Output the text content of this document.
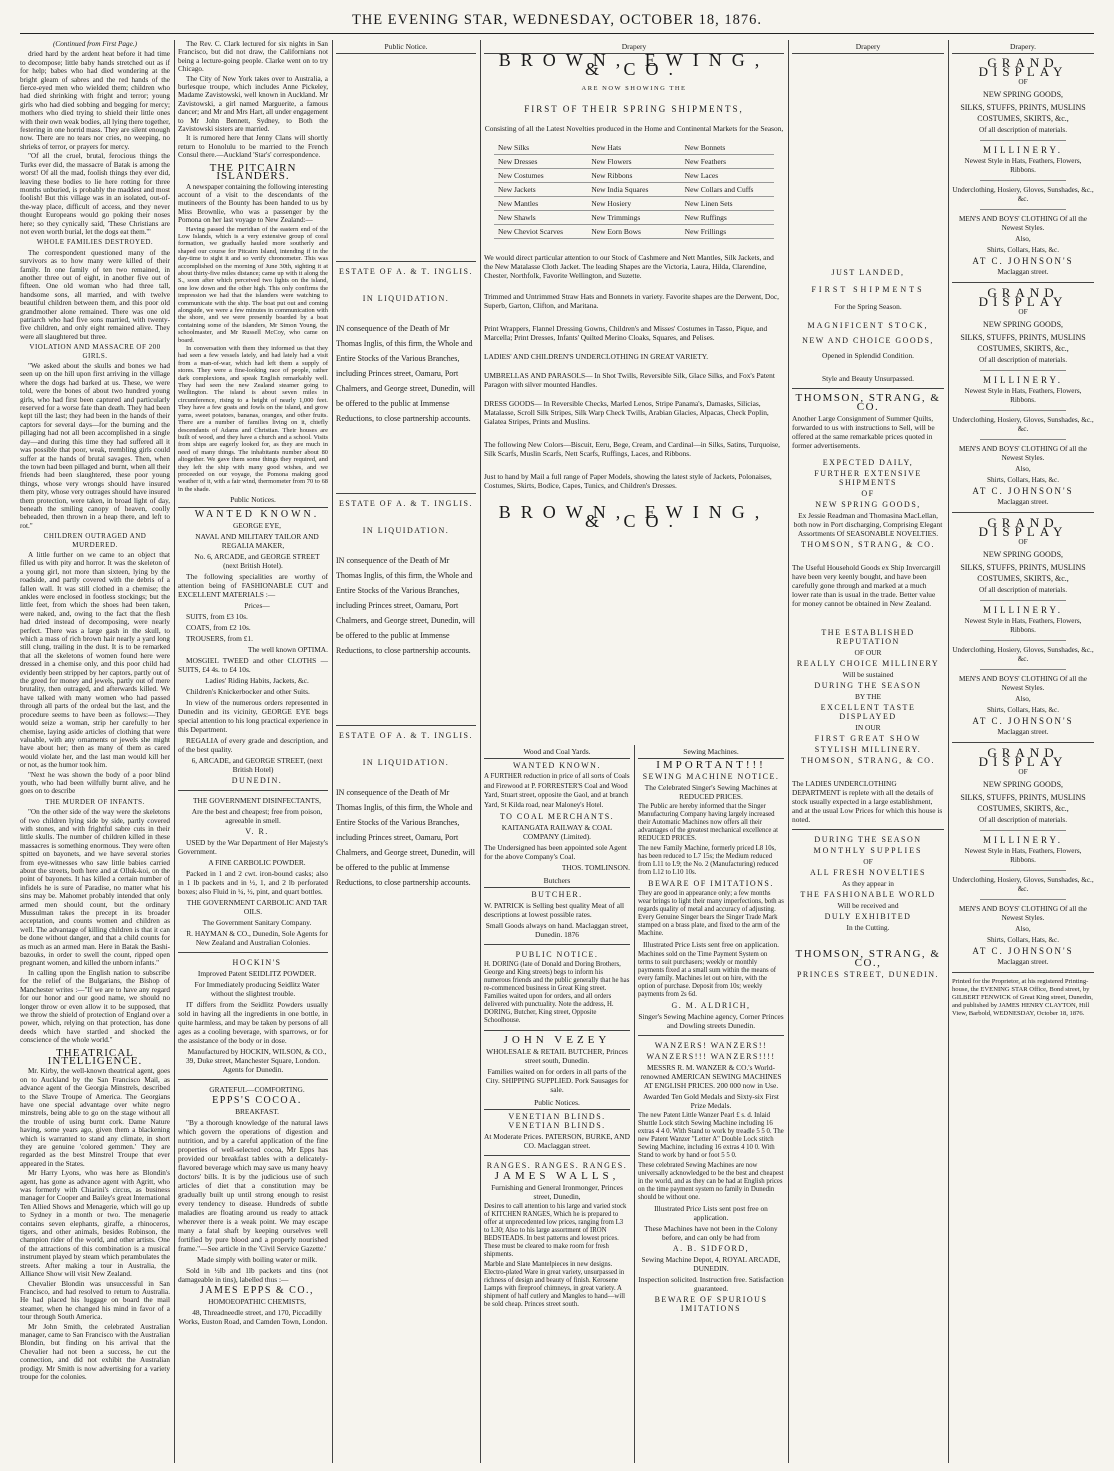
THE EVENING STAR, WEDNESDAY, OCTOBER 18, 1876.

(Continued from First Page.)

dried hard by the ardent heat before it had time to decompose; little baby hands stretched out as if for help; babes who had died wondering at the bright gleam of sabres and the red hands of the fierce-eyed men who wielded them; children who had died shrinking with fright and terror; young girls who had died sobbing and begging for mercy; mothers who died trying to shield their little ones with their own weak bodies, all lying there together, festering in one horrid mass. They are silent enough now. There are no tears nor cries, no weeping, no shrieks of terror, or prayers for mercy.

"Of all the cruel, brutal, ferocious things the Turks ever did, the massacre of Batak is among the worst! Of all the mad, foolish things they ever did, leaving these bodies to lie here rotting for three months unburied, is probably the maddest and most foolish! But this village was in an isolated, out-of-the-way place, difficult of access, and they never thought Europeans would go poking their noses here; so they cynically said, 'These Christians are not even worth burial, let the dogs eat them.'"

WHOLE FAMILIES DESTROYED.

The correspondent questioned many of the survivors as to how many were killed of their family. In one family of ten two remained, in another three out of eight, in another five out of fifteen. One old woman who had three tall, handsome sons, all married, and with twelve beautiful children between them, and this poor old grandmother alone remained. There was one old patriarch who had five sons married, with twenty-five children, and only eight remained alive. They were all slaughtered but three.

VIOLATION AND MASSACRE OF 200 GIRLS.

"We asked about the skulls and bones we had seen up on the hill upon first arriving in the village where the dogs had barked at us. These, we were told, were the bones of about two hundred young girls, who had first been captured and particularly reserved for a worse fate than death. They had been kept till the last; they had been in the hands of their captors for several days—for the burning and the pillaging had not all been accomplished in a single day—and during this time they had suffered all it was possible that poor, weak, trembling girls could suffer at the hands of brutal savages. Then, when the town had been pillaged and burnt, when all their friends had been slaughtered, these poor young things, whose very wrongs should have insured them pity, whose very outrages should have insured them protection, were taken, in broad light of day, beneath the smiling canopy of heaven, coolly beheaded, then thrown in a heap there, and left to rot."

CHILDREN OUTRAGED AND MURDERED.

A little further on we came to an object that filled us with pity and horror. It was the skeleton of a young girl, not more than sixteen, lying by the roadside, and partly covered with the debris of a fallen wall. It was still clothed in a chemise; the ankles were enclosed in footless stockings; but the little feet, from which the shoes had been taken, were naked, and, owing to the fact that the flesh had dried instead of decomposing, were nearly perfect. There was a large gash in the skull, to which a mass of rich brown hair nearly a yard long still clung, trailing in the dust. It is to be remarked that all the skeletons of women found here were dressed in a chemise only, and this poor child had evidently been stripped by her captors, partly out of the greed for money and jewels, partly out of mere brutality, then outraged, and afterwards killed. We have talked with many women who had passed through all parts of the ordeal but the last, and the procedure seems to have been as follows:—They would seize a woman, strip her carefully to her chemise, laying aside articles of clothing that were valuable, with any ornaments or jewels she might have about her; then as many of them as cared would violate her, and the last man would kill her or not, as the humor took him.

"Next he was shown the body of a poor blind youth, who had been wilfully burnt alive, and he goes on to describe

THE MURDER OF INFANTS.

"On the other side of the way were the skeletons of two children lying side by side, partly covered with stones, and with frightful sabre cuts in their little skulls. The number of children killed in these massacres is something enormous. They were often spitted on bayonets, and we have several stories from eye-witnesses who saw little babies carried about the streets, both here and at Olluk-koi, on the point of bayonets. It has killed a certain number of infidels he is sure of Paradise, no matter what his sins may be. Mahomet probably intended that only armed men should count, but the ordinary Mussulman takes the precept in its broader acceptation, and counts women and children as well. The advantage of killing children is that it can be done without danger, and that a child counts for as much as an armed man. Here in Batak the Bashi-bazouks, in order to swell the count, ripped open pregnant women, and killed the unborn infants."

In calling upon the English nation to subscribe for the relief of the Bulgarians, the Bishop of Manchester writes :—"If we are to have any regard for our honor and our good name, we should no longer throw or even allow it to be supposed, that we throw the shield of protection of England over a power, which, relying on that protection, has done deeds which have startled and shocked the conscience of the whole world."

THEATRICAL INTELLIGENCE.

Mr. Kirby, the well-known theatrical agent, goes on to Auckland by the San Francisco Mail, as advance agent of the Georgia Minstrels, described to the Slave Troupe of America. The Georgians have one special advantage over white negro minstrels, being able to go on the stage without all the trouble of using burnt cork. Dame Nature having, some years ago, given them a blackening which is warranted to stand any climate, in short they are genuine 'colored gemmen.' They are regarded as the best Minstrel Troupe that ever appeared in the States.

Mr Harry Lyons, who was here as Blondin's agent, has gone as advance agent with Agritt, who was formerly with Chiarini's circus, as business manager for Cooper and Bailey's great International Ten Allied Shows and Menagerie, which will go up to Sydney in a month or two. The menagerie contains seven elephants, giraffe, a rhinoceros, tigers, and other animals, besides Robinson, the champion rider of the world, and other artists. One of the attractions of this combination is a musical instrument played by steam which perambulates the streets. After making a tour in Australia, the Alliance Show will visit New Zealand.

Chevalier Blondin was unsuccessful in San Francisco, and had resolved to return to Australia. He had placed his luggage on board the mail steamer, when he changed his mind in favor of a tour through South America.

Mr John Smith, the celebrated Australian manager, came to San Francisco with the Australian Blondin, but finding on his arrival that the Chevalier had not been a success, he cut the connection, and did not exhibit the Australian prodigy. Mr Smith is now advertising for a variety troupe for the colonies.

The Rev. C. Clark lectured for six nights in San Francisco, but did not draw, the Californians not being a lecture-going people. Clarke went on to try Chicago.

The City of New York takes over to Australia, a burlesque troupe, which includes Anne Pickeley, Madame Zavistowski, well known in Auckland. Mr Zavistowski, a girl named Marguerite, a famous dancer; and Mr and Mrs Hart, all under engagement to Mr John Bennett, Sydney, to Both the Zavistowski sisters are married.

It is rumored here that Jenny Clans will shortly return to Honolulu to be married to the French Consul there.—Auckland 'Star's' correspondence.

THE PITCAIRN ISLANDERS.

A newspaper containing the following interesting account of a visit to the descendants of the mutineers of the Bounty has been handed to us by Miss Brownlie, who was a passenger by the Pomona on her last voyage to New Zealand:—

Having passed the meridian of the eastern end of the Low Islands, which is a very extensive group of coral formation, we gradually hauled more southerly and shaped our course for Pitcairn Island, intending if in the day-time to sight it and so verify chronometer. This was accomplished on the morning of June 30th, sighting it at about thirty-five miles distance; came up with it along the S., soon after which perceived two lights on the island, one low down and the other high. This only confirms the impression we had that the islanders were watching to communicate with the ship. The boat put out and coming alongside, we were a few minutes in communication with the shore, and we were presently boarded by a boat containing some of the islanders, Mr Simon Young, the schoolmaster, and Mr Russell McCoy, who came on board.

In conversation with them they informed us that they had seen a few vessels lately, and had lately had a visit from a man-of-war, which had left them a supply of stores. They were a fine-looking race of people, rather dark complexions, and speak English remarkably well. They had seen the new Zealand steamer going to Wellington. The island is about seven miles in circumference, rising to a height of nearly 1,000 feet. They have a few goats and fowls on the island, and grow yams, sweet potatoes, bananas, oranges, and other fruits. There are a number of families living on it, chiefly descendants of Adams and Christian. Their houses are built of wood, and they have a church and a school. Visits from ships are eagerly looked for, as they are much in need of many things. The inhabitants number about 80 altogether. We gave them some things they required, and they left the ship with many good wishes, and we proceeded on our voyage, the Pomona making good weather of it, with a fair wind, thermometer from 70 to 68 in the shade.

Public Notices.

WANTED KNOWN.

GEORGE EYE,

NAVAL AND MILITARY TAILOR AND REGALIA MAKER,

No. 6, ARCADE, and GEORGE STREET (next British Hotel).

The following specialities are worthy of attention being of FASHIONABLE CUT and EXCELLENT MATERIALS :—

Prices—

SUITS, from £3 10s.

COATS, from £2 10s.

TROUSERS, from £1.

The well known OPTIMA.

MOSGIEL TWEED and other CLOTHS —SUITS, £4 4s. to £4 10s.

Ladies' Riding Habits, Jackets, &c.

Children's Knickerbocker and other Suits.

In view of the numerous orders represented in Dunedin and its vicinity, GEORGE EYE begs special attention to his long practical experience in this Department.

REGALIA of every grade and description, and of the best quality.

6, ARCADE, and GEORGE STREET, (next British Hotel)

DUNEDIN.

THE GOVERNMENT DISINFECTANTS,

Are the best and cheapest; free from poison, agreeable in smell.

V. R.

USED by the War Department of Her Majesty's Government.

A FINE CARBOLIC POWDER.

Packed in 1 and 2 cwt. iron-bound casks; also in 1 lb packets and in ½, 1, and 2 lb perforated boxes; also Fluid in ¼, ½, pint, and quart bottles.

THE GOVERNMENT CARBOLIC AND TAR OILS.

The Government Sanitary Company.

R. HAYMAN & CO., Dunedin, Sole Agents for New Zealand and Australian Colonies.

HOCKIN'S

Improved Patent SEIDLITZ POWDER.

For Immediately producing Seidlitz Water without the slightest trouble.

IT differs from the Seidlitz Powders usually sold in having all the ingredients in one bottle, in quite harmless, and may be taken by persons of all ages as a cooling beverage, with sparrows, or for the assistance of the body or in dose.

Manufactured by HOCKIN, WILSON, & CO., 39, Duke street, Manchester Square, London. Agents for Dunedin.

GRATEFUL—COMFORTING.

EPPS'S COCOA.

BREAKFAST.

"By a thorough knowledge of the natural laws which govern the operations of digestion and nutrition, and by a careful application of the fine properties of well-selected cocoa, Mr Epps has provided our breakfast tables with a delicately-flavored beverage which may save us many heavy doctors' bills. It is by the judicious use of such articles of diet that a constitution may be gradually built up until strong enough to resist every tendency to disease. Hundreds of subtle maladies are floating around us ready to attack wherever there is a weak point. We may escape many a fatal shaft by keeping ourselves well fortified by pure blood and a properly nourished frame."—See article in the 'Civil Service Gazette.'

Made simply with boiling water or milk.

Sold in ½lb and 1lb packets and tins (not damageable in tins), labelled thus :—

JAMES EPPS & CO.,

HOMOEOPATHIC CHEMISTS,

48, Threadneedle street, and 170, Piccadilly Works, Euston Road, and Camden Town, London.

Public Notice.

ESTATE OF A. & T. INGLIS.

IN LIQUIDATION.

IN consequence of the Death of Mr Thomas Inglis, of this firm, the Whole and Entire Stocks of the Various Branches, including Princes street, Oamaru, Port Chalmers, and George street, Dunedin, will be offered to the public at Immense Reductions, to close partnership accounts.

ESTATE OF A. & T. INGLIS.

IN LIQUIDATION.

IN consequence of the Death of Mr Thomas Inglis, of this firm, the Whole and Entire Stocks of the Various Branches, including Princes street, Oamaru, Port Chalmers, and George street, Dunedin, will be offered to the public at Immense Reductions, to close partnership accounts.

ESTATE OF A. & T. INGLIS.

IN LIQUIDATION.

IN consequence of the Death of Mr Thomas Inglis, of this firm, the Whole and Entire Stocks of the Various Branches, including Princes street, Oamaru, Port Chalmers, and George street, Dunedin, will be offered to the public at Immense Reductions, to close partnership accounts.

Drapery

BROWN, EWING, & CO.

ARE NOW SHOWING THE

FIRST OF THEIR SPRING SHIPMENTS,

Consisting of all the Latest Novelties produced in the Home and Continental Markets for the Season,

New Silks	New Hats	New Bonnets
New Dresses	New Flowers	New Feathers
New Costumes	New Ribbons	New Laces
New Jackets	New India Squares	New Collars and Cuffs
New Mantles	New Hosiery	New Linen Sets
New Shawls	New Trimmings	New Ruffings
New Cheviot Scarves	New Eorn Bows	New Frillings

We would direct particular attention to our Stock of Cashmere and Nett Mantles, Silk Jackets, and the New Matalasse Cloth Jacket. The leading Shapes are the Victoria, Laura, Hilda, Clarendine, Chester, Northfolk, Favorite Wellington, and Suzette.

Trimmed and Untrimmed Straw Hats and Bonnets in variety. Favorite shapes are the Derwent, Doc, Superb, Garton, Clifton, and Maritana.

Print Wrappers, Flannel Dressing Gowns, Children's and Misses' Costumes in Tasso, Pique, and Marcella; Print Dresses, Infants' Quilted Merino Cloaks, Squares, and Pelises.

LADIES' AND CHILDREN'S UNDERCLOTHING IN GREAT VARIETY.

UMBRELLAS AND PARASOLS— In Shot Twills, Reversible Silk, Glace Silks, and Fox's Patent Paragon with silver mounted Handles.

DRESS GOODS— In Reversible Checks, Marled Lenos, Stripe Panama's, Damasks, Silicias, Matalasse, Scroll Silk Stripes, Silk Warp Check Twills, Arabian Glacies, Alpacas, Check Poplin, Galatea Stripes, Prints and Muslins.

The following New Colors—Biscuit, Eeru, Bege, Cream, and Cardinal—in Silks, Satins, Turquoise, Silk Scarfs, Muslin Scarfs, Nett Scarfs, Ruffings, Laces, and Ribbons.

Just to hand by Mail a full range of Paper Models, showing the latest style of Jackets, Polonaises, Costumes, Skirts, Bodice, Capes, Tunics, and Children's Dresses.

BROWN, EWING, & CO.

Wood and Coal Yards.

WANTED KNOWN.

A FURTHER reduction in price of all sorts of Coals and Firewood at P. FORRESTER'S Coal and Wood Yard, Stuart street, opposite the Gaol, and at branch Yard, St Kilda road, near Maloney's Hotel.

TO COAL MERCHANTS.

KAITANGATA RAILWAY & COAL COMPANY (Limited).

The Undersigned has been appointed sole Agent for the above Company's Coal.

THOS. TOMLINSON.

Butchers

BUTCHER.

W. PATRICK is Selling best quality Meat of all descriptions at lowest possible rates.

Small Goods always on hand. Maclaggan street, Dunedin. 1876

PUBLIC NOTICE.

H. DORING (late of Donald and Doring Brothers, George and King streets) begs to inform his numerous friends and the public generally that he has re-commenced business in Great King street. Families waited upon for orders, and all orders delivered with punctuality. Note the address, H. DORING, Butcher, King street, Opposite Schoolhouse.

JOHN VEZEY

WHOLESALE & RETAIL BUTCHER, Princes street south, Dunedin.

Families waited on for orders in all parts of the City. SHIPPING SUPPLIED. Pork Sausages for sale.

Public Notices.

VENETIAN BLINDS. VENETIAN BLINDS.

At Moderate Prices. PATERSON, BURKE, AND CO. Maclaggan street.

RANGES. RANGES. RANGES.

JAMES WALLS,

Furnishing and General Ironmonger, Princes street, Dunedin,

Desires to call attention to his large and varied stock of KITCHEN RANGES, Which he is prepared to offer at unprecedented low prices, ranging from L3 to L30; Also to his large assortment of IRON BEDSTEADS. In best patterns and lowest prices. These must be cleared to make room for fresh shipments.

Marble and Slate Mantelpieces in new designs. Electro-plated Ware in great variety, unsurpassed in richness of design and beauty of finish. Kerosene Lamps with fireproof chimneys, in great variety. A shipment of half cutlery and Mangles to hand—will be sold cheap. Princes street south.

Sewing Machines.

IMPORTANT!!!

SEWING MACHINE NOTICE.

The Celebrated Singer's Sewing Machines at REDUCED PRICES.

The Public are hereby informed that the Singer Manufacturing Company having largely increased their Automatic Machines now offers all their advantages of the greatest mechanical excellence at REDUCED PRICES.

The new Family Machine, formerly priced L8 10s, has been reduced to L7 15s; the Medium reduced from L11 to L9; the No. 2 (Manufacturing) reduced from L12 to L10 10s.

BEWARE OF IMITATIONS.

They are good in appearance only; a few months wear brings to light their many imperfections, both as regards quality of metal and accuracy of adjusting. Every Genuine Singer bears the Singer Trade Mark stamped on a brass plate, and fixed to the arm of the Machine.

Illustrated Price Lists sent free on application.

Machines sold on the Time Payment System on terms to suit purchasers; weekly or monthly payments fixed at a small sum within the means of every family. Machines let out on hire, with the option of purchase. Deposit from 10s; weekly payments from 2s 6d.

G. M. ALDRICH,

Singer's Sewing Machine agency, Corner Princes and Dowling streets Dunedin.

WANZERS! WANZERS!!

WANZERS!!! WANZERS!!!!

MESSRS R. M. WANZER & CO.'s World-renowned AMERICAN SEWING MACHINES AT ENGLISH PRICES. 200 000 now in Use.

Awarded Ten Gold Medals and Sixty-six First Prize Medals.

The new Patent Little Wanzer Pearl £ s. d. Inlaid Shuttle Lock stitch Sewing Machine including 16 extras 4 4 0. With Stand to work by treadle 5 5 0. The new Patent Wanzer "Letter A" Double Lock stitch Sewing Machine, including 16 extras 4 10 0. With Stand to work by hand or foot 5 5 0.

These celebrated Sewing Machines are now universally acknowledged to be the best and cheapest in the world, and as they can be had at English prices on the time payment system no family in Dunedin should be without one.

Illustrated Price Lists sent post free on application.

These Machines have not been in the Colony before, and can only be had from

A. B. SIDFORD,

Sewing Machine Depot, 4, ROYAL ARCADE, DUNEDIN.

Inspection solicited. Instruction free. Satisfaction guaranteed.

BEWARE OF SPURIOUS IMITATIONS

Drapery

JUST LANDED,

FIRST SHIPMENTS

For the Spring Season.

MAGNIFICENT STOCK,

NEW AND CHOICE GOODS,

Opened in Splendid Condition.

Style and Beauty Unsurpassed.

THOMSON, STRANG, & CO.

Another Large Consignment of Summer Quilts, forwarded to us with instructions to Sell, will be offered at the same remarkable prices quoted in former advertisements.

EXPECTED DAILY,

FURTHER EXTENSIVE SHIPMENTS

OF

NEW SPRING GOODS,

Ex Jessie Readman and Thomasina MacLellan, both now in Port discharging, Comprising Elegant Assortments Of SEASONABLE NOVELTIES.

THOMSON, STRANG, & CO.

The Useful Household Goods ex Ship Invercargill have been very keenly bought, and have been carefully gone through and marked at a much lower rate than is usual in the trade. Better value for money cannot be obtained in New Zealand.

THE ESTABLISHED REPUTATION

OF OUR

REALLY CHOICE MILLINERY

Will be sustained

DURING THE SEASON

BY THE

EXCELLENT TASTE DISPLAYED

IN OUR

FIRST GREAT SHOW

STYLISH MILLINERY.

THOMSON, STRANG, & CO.

The LADIES UNDERCLOTHING DEPARTMENT is replete with all the details of stock usually expected in a large establishment, and at the usual Low Prices for which this house is noted.

DURING THE SEASON

MONTHLY SUPPLIES

OF

ALL FRESH NOVELTIES

As they appear in

THE FASHIONABLE WORLD

Will be received and

DULY EXHIBITED

In the Cutting.

THOMSON, STRANG, & CO.,

PRINCES STREET, DUNEDIN.

Drapery.

GRAND DISPLAY

OF

NEW SPRING GOODS,

SILKS, STUFFS, PRINTS, MUSLINS COSTUMES, SKIRTS, &c.,

Of all description of materials.

MILLINERY.

Newest Style in Hats, Feathers, Flowers, Ribbons.

Underclothing, Hosiery, Gloves, Sunshades, &c., &c.

MEN'S AND BOYS' CLOTHING Of all the Newest Styles.

Also,

Shirts, Collars, Hats, &c.

AT C. JOHNSON'S

Maclaggan street.

GRAND DISPLAY

OF

NEW SPRING GOODS,

SILKS, STUFFS, PRINTS, MUSLINS COSTUMES, SKIRTS, &c.,

Of all description of materials.

MILLINERY.

Newest Style in Hats, Feathers, Flowers, Ribbons.

Underclothing, Hosiery, Gloves, Sunshades, &c., &c.

MEN'S AND BOYS' CLOTHING Of all the Newest Styles.

Also,

Shirts, Collars, Hats, &c.

AT C. JOHNSON'S

Maclaggan street.

GRAND DISPLAY

OF

NEW SPRING GOODS,

SILKS, STUFFS, PRINTS, MUSLINS COSTUMES, SKIRTS, &c.,

Of all description of materials.

MILLINERY.

Newest Style in Hats, Feathers, Flowers, Ribbons.

Underclothing, Hosiery, Gloves, Sunshades, &c., &c.

MEN'S AND BOYS' CLOTHING Of all the Newest Styles.

Also,

Shirts, Collars, Hats, &c.

AT C. JOHNSON'S

Maclaggan street.

GRAND DISPLAY

OF

NEW SPRING GOODS,

SILKS, STUFFS, PRINTS, MUSLINS COSTUMES, SKIRTS, &c.,

Of all description of materials.

MILLINERY.

Newest Style in Hats, Feathers, Flowers, Ribbons.

Underclothing, Hosiery, Gloves, Sunshades, &c., &c.

MEN'S AND BOYS' CLOTHING Of all the Newest Styles.

Also,

Shirts, Collars, Hats, &c.

AT C. JOHNSON'S

Maclaggan street.

Printed for the Proprietor, at his registered Printing-house, the EVENING STAR Office, Bond street, by GILBERT FENWICK of Great King street, Dunedin, and published by JAMES HENRY CLAYTON, Hill View, Barbold, WEDNESDAY, October 18, 1876.
